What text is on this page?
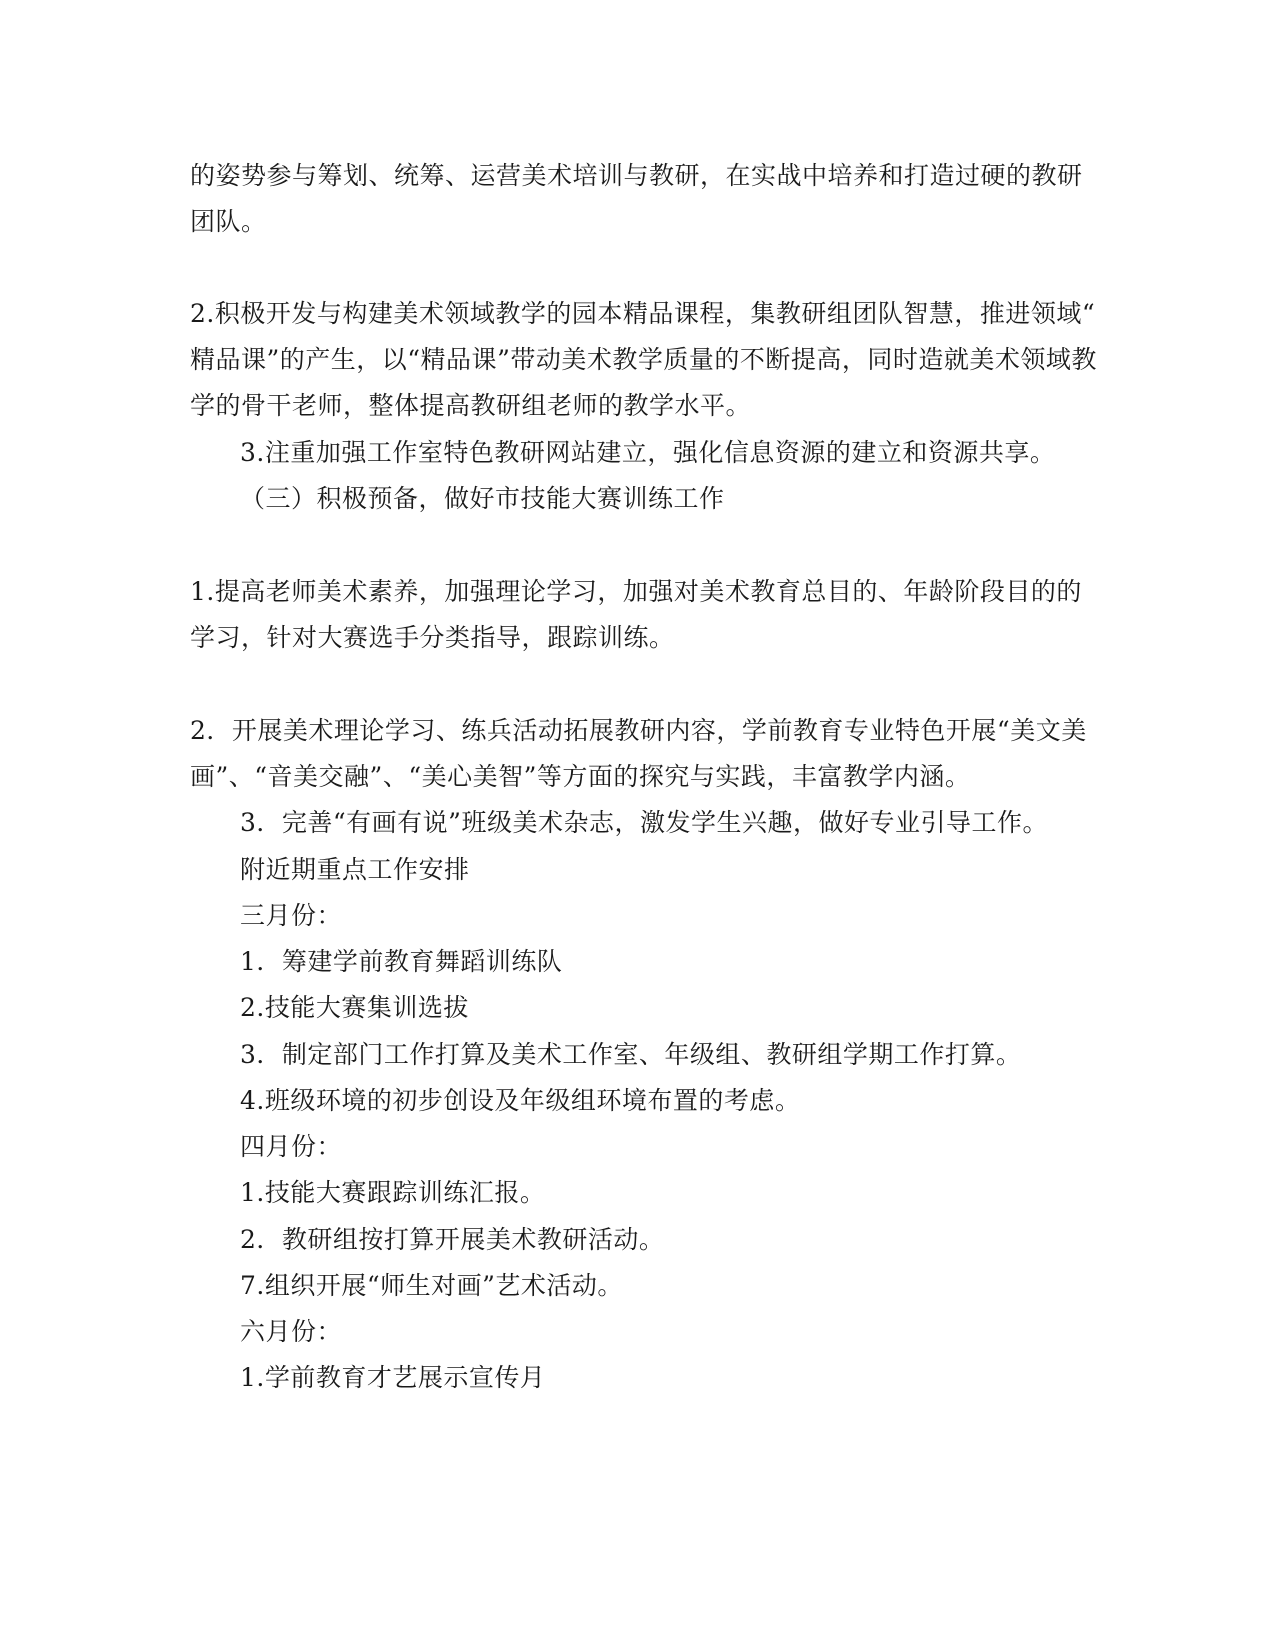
的姿势参与筹划、统筹、运营美术培训与教研，在实战中培养和打造过硬的教研
团队。
2.积极开发与构建美术领域教学的园本精品课程，集教研组团队智慧，推进领域“
精品课”的产生，以“精品课”带动美术教学质量的不断提高，同时造就美术领域教
学的骨干老师，整体提高教研组老师的教学水平。
3.注重加强工作室特色教研网站建立，强化信息资源的建立和资源共享。
（三）积极预备，做好市技能大赛训练工作
1.提高老师美术素养，加强理论学习，加强对美术教育总目的、年龄阶段目的的
学习，针对大赛选手分类指导，跟踪训练。
2．开展美术理论学习、练兵活动拓展教研内容，学前教育专业特色开展“美文美
画”、“音美交融”、“美心美智”等方面的探究与实践，丰富教学内涵。
3．完善“有画有说”班级美术杂志，激发学生兴趣，做好专业引导工作。
附近期重点工作安排
三月份：
1．筹建学前教育舞蹈训练队
2.技能大赛集训选拔
3．制定部门工作打算及美术工作室、年级组、教研组学期工作打算。
4.班级环境的初步创设及年级组环境布置的考虑。
四月份：
1.技能大赛跟踪训练汇报。
2．教研组按打算开展美术教研活动。
7.组织开展“师生对画”艺术活动。
六月份：
1.学前教育才艺展示宣传月
